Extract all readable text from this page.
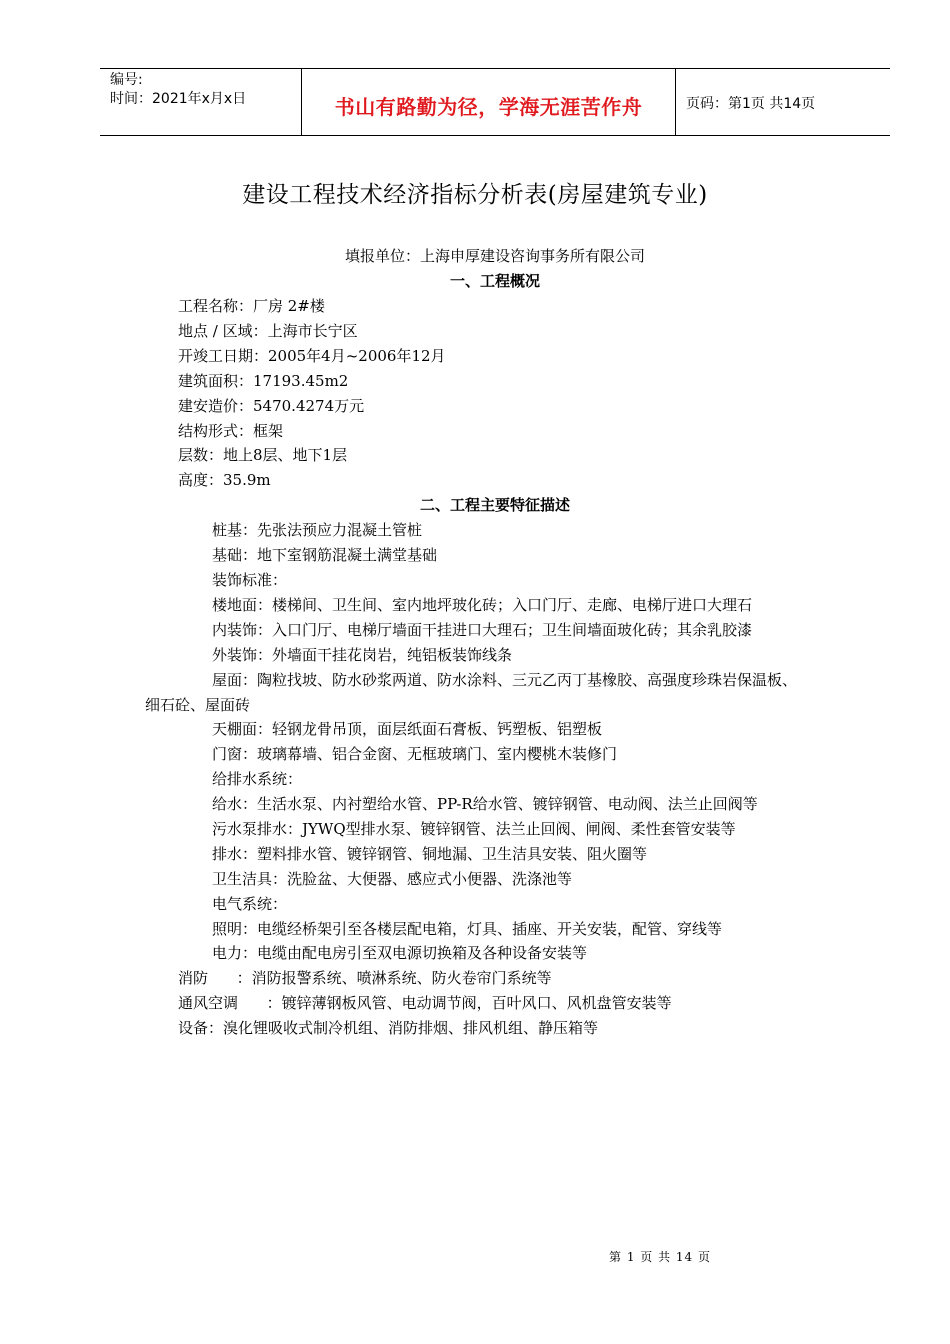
编号:
时间：2021年x月x日	书山有路勤为径，学海无涯苦作舟	页码：第1页 共14页
建设工程技术经济指标分析表(房屋建筑专业)
填报单位：上海申厚建设咨询事务所有限公司
一、工程概况
工程名称：厂房 2#楼
地点 / 区域：上海市长宁区
开竣工日期：2005年4月~2006年12月
建筑面积：17193.45m2
建安造价：5470.4274万元
结构形式：框架
层数：地上8层、地下1层
高度：35.9m
二、工程主要特征描述
桩基：先张法预应力混凝土管桩
基础：地下室钢筋混凝土满堂基础
装饰标准：
楼地面：楼梯间、卫生间、室内地坪玻化砖；入口门厅、走廊、电梯厅进口大理石
内装饰：入口门厅、电梯厅墙面干挂进口大理石；卫生间墙面玻化砖；其余乳胶漆
外装饰：外墙面干挂花岗岩，纯铝板装饰线条
屋面：陶粒找坡、防水砂浆两道、防水涂料、三元乙丙丁基橡胶、高强度珍珠岩保温板、
细石砼、屋面砖
天棚面：轻钢龙骨吊顶，面层纸面石膏板、钙塑板、铝塑板
门窗：玻璃幕墙、铝合金窗、无框玻璃门、室内樱桃木装修门
给排水系统：
给水：生活水泵、内衬塑给水管、PP-R给水管、镀锌钢管、电动阀、法兰止回阀等
污水泵排水：JYWQ型排水泵、镀锌钢管、法兰止回阀、闸阀、柔性套管安装等
排水：塑料排水管、镀锌钢管、铜地漏、卫生洁具安装、阻火圈等
卫生洁具：洗脸盆、大便器、感应式小便器、洗涤池等
电气系统：
照明：电缆经桥架引至各楼层配电箱，灯具、插座、开关安装，配管、穿线等
电力：电缆由配电房引至双电源切换箱及各种设备安装等
消防      ：消防报警系统、喷淋系统、防火卷帘门系统等
通风空调      ：镀锌薄钢板风管、电动调节阀，百叶风口、风机盘管安装等
设备：溴化锂吸收式制冷机组、消防排烟、排风机组、静压箱等
第 1 页 共 14 页
